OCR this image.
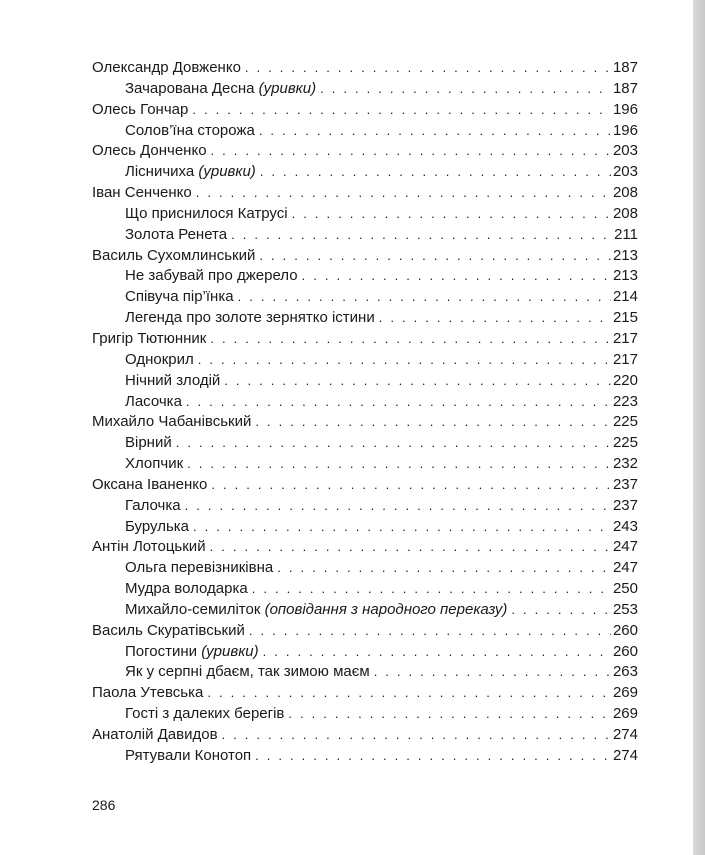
Олександр Довженко . . .	187
Зачарована Десна (уривки) . . .	187
Олесь Гончар . . .	196
Солов’їна сторожа . . .	196
Олесь Донченко . . .	203
Лісничиха (уривки) . . .	203
Іван Сенченко . . .	208
Що приснилося Катрусі . . .	208
Золота Ренета . . .	211
Василь Сухомлинський . . .	213
Не забувай про джерело . . .	213
Співуча пір’їнка . . .	214
Легенда про золоте зернятко істини . . .	215
Григір Тютюнник . . .	217
Однокрил . . .	217
Нічний злодій . . .	220
Ласочка . . .	223
Михайло Чабанівський . . .	225
Вірний . . .	225
Хлопчик . . .	232
Оксана Іваненко . . .	237
Галочка . . .	237
Бурулька . . .	243
Антін Лотоцький . . .	247
Ольга перевізниківна . . .	247
Мудра володарка . . .	250
Михайло-семиліток (оповідання з народного переказу) . . .	253
Василь Скуратівський . . .	260
Погостини (уривки) . . .	260
Як у серпні дбаєм, так зимою маєм . . .	263
Паола Утевська . . .	269
Гості з далеких берегів . . .	269
Анатолій Давидов . . .	274
Рятували Конотоп . . .	274
286
